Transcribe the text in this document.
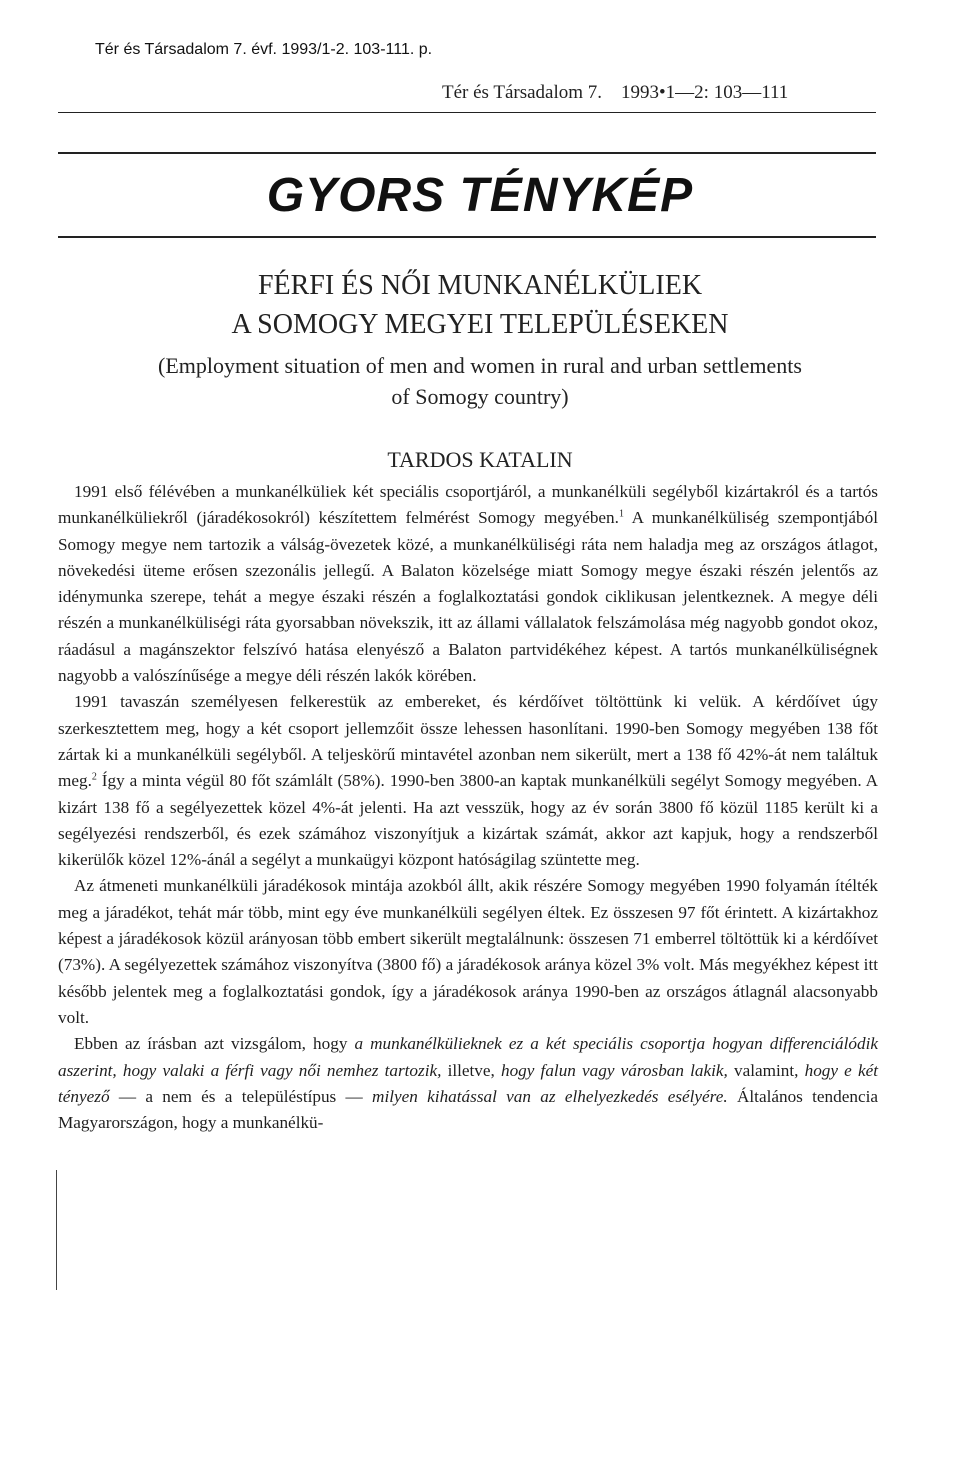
Tér és Társadalom 7. évf. 1993/1-2. 103-111. p.
Tér és Társadalom 7.    1993•1—2: 103—111
GYORS TÉNYKÉP
FÉRFI ÉS NŐI MUNKANÉLKÜLIEK
A SOMOGY MEGYEI TELEPÜLÉSEKEN
(Employment situation of men and women in rural and urban settlements
of Somogy country)
TARDOS KATALIN

1991 első félévében a munkanélküliek két speciális csoportjáról, a munkanélküli segélyből kizártakról és a tartós munkanélküliekről (járadékosokról) készítettem felmérést Somogy megyében.$^1$ A munkanélküliség szempontjából Somogy megye nem tartozik a válság-övezetek közé, a munkanélküliségi ráta nem haladja meg az országos átlagot, növekedési üteme erősen szezonális jellegű. A Balaton közelsége miatt Somogy megye északi részén jelentős az idénymunka szerepe, tehát a megye északi részén a foglalkoztatási gondok ciklikusan jelentkeznek. A megye déli részén a munkanélküliségi ráta gyorsabban növekszik, itt az állami vállalatok felszámolása még nagyobb gondot okoz, ráadásul a magánszektor felszívó hatása elenyésző a Balaton partvidékéhez képest. A tartós munkanélküliségnek nagyobb a valószínűsége a megye déli részén lakók körében.

1991 tavaszán személyesen felkerestük az embereket, és kérdőívet töltöttünk ki velük. A kérdőívet úgy szerkesztettem meg, hogy a két csoport jellemzőit össze lehessen hasonlítani. 1990-ben Somogy megyében 138 főt zártak ki a munkanélküli segélyből. A teljeskörű mintavétel azonban nem sikerült, mert a 138 fő 42%-át nem találtuk meg.$^2$ Így a minta végül 80 főt számlált (58%). 1990-ben 3800-an kaptak munkanélküli segélyt Somogy megyében. A kizárt 138 fő a segélyezettek közel 4%-át jelenti. Ha azt vesszük, hogy az év során 3800 fő közül 1185 került ki a segélyezési rendszerből, és ezek számához viszonyítjuk a kizártak számát, akkor azt kapjuk, hogy a rendszerből kikerülők közel 12%-ánál a segélyt a munkaügyi központ hatóságilag szüntette meg.

Az átmeneti munkanélküli járadékosok mintája azokból állt, akik részére Somogy megyében 1990 folyamán ítélték meg a járadékot, tehát már több, mint egy éve munkanélküli segélyen éltek. Ez összesen 97 főt érintett. A kizártakhoz képest a járadékosok közül arányosan több embert sikerült megtalálnunk: összesen 71 emberrel töltöttük ki a kérdőívet (73%). A segélyezettek számához viszonyítva (3800 fő) a járadékosok aránya közel 3% volt. Más megyékhez képest itt később jelentek meg a foglalkoztatási gondok, így a járadékosok aránya 1990-ben az országos átlagnál alacsonyabb volt.

Ebben az írásban azt vizsgálom, hogy a munkanélkülieknek ez a két speciális csoportja hogyan differenciálódik aszerint, hogy valaki a férfi vagy női nemhez tartozik, illetve, hogy falun vagy városban lakik, valamint, hogy e két tényező — a nem és a településtípus — milyen kihatással van az elhelyezkedés esélyére. Általános tendencia Magyarországon, hogy a munkanélkü-
